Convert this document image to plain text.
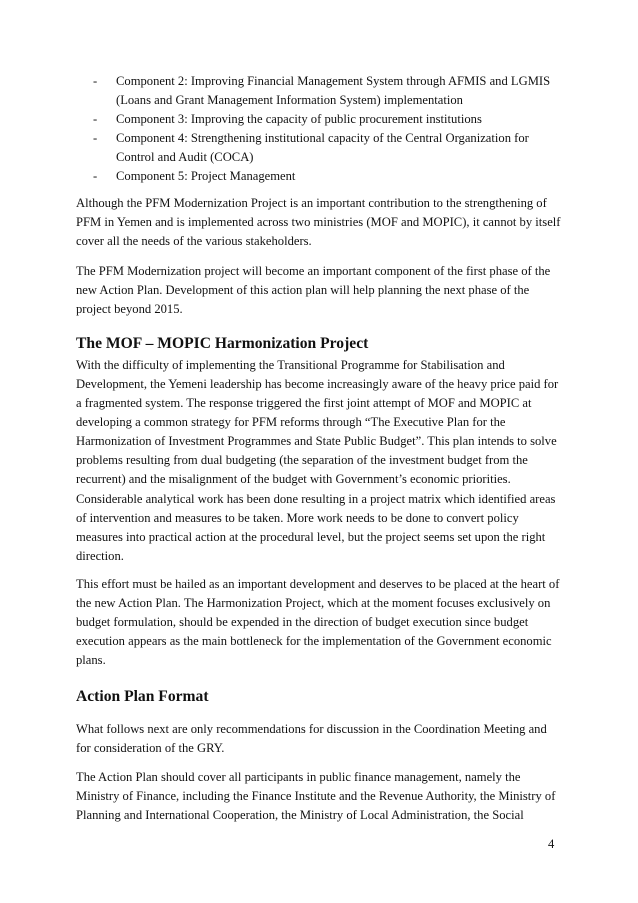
- Component 2: Improving Financial Management System through AFMIS and LGMIS (Loans and Grant Management Information System) implementation
- Component 3: Improving the capacity of public procurement institutions
- Component 4: Strengthening institutional capacity of the Central Organization for Control and Audit (COCA)
- Component 5: Project Management

Although the PFM Modernization Project is an important contribution to the strengthening of PFM in Yemen and is implemented across two ministries (MOF and MOPIC), it cannot by itself cover all the needs of the various stakeholders.

The PFM Modernization project will become an important component of the first phase of the new Action Plan. Development of this action plan will help planning the next phase of the project beyond 2015.

The MOF – MOPIC Harmonization Project

With the difficulty of implementing the Transitional Programme for Stabilisation and Development, the Yemeni leadership has become increasingly aware of the heavy price paid for a fragmented system. The response triggered the first joint attempt of MOF and MOPIC at developing a common strategy for PFM reforms through “The Executive Plan for the Harmonization of Investment Programmes and State Public Budget”. This plan intends to solve problems resulting from dual budgeting (the separation of the investment budget from the recurrent) and the misalignment of the budget with Government’s economic priorities.

Considerable analytical work has been done resulting in a project matrix which identified areas of intervention and measures to be taken. More work needs to be done to convert policy measures into practical action at the procedural level, but the project seems set upon the right direction.

This effort must be hailed as an important development and deserves to be placed at the heart of the new Action Plan. The Harmonization Project, which at the moment focuses exclusively on budget formulation, should be expended in the direction of budget execution since budget execution appears as the main bottleneck for the implementation of the Government economic plans.

Action Plan Format

What follows next are only recommendations for discussion in the Coordination Meeting and for consideration of the GRY.

The Action Plan should cover all participants in public finance management, namely the Ministry of Finance, including the Finance Institute and the Revenue Authority, the Ministry of Planning and International Cooperation, the Ministry of Local Administration, the Social

4
